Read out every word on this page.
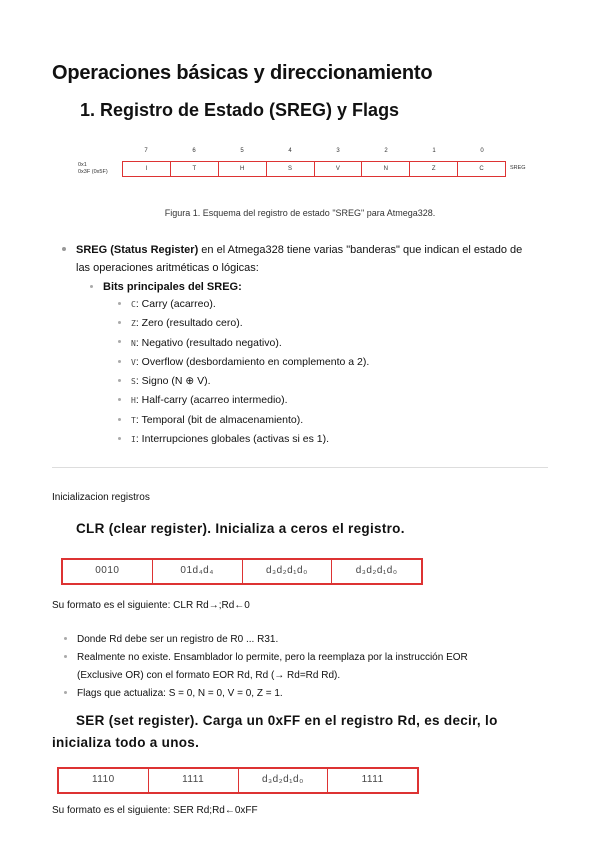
Operaciones básicas y direccionamiento
1. Registro de Estado (SREG) y Flags
7	6	5	4	3	2	1	0
0x1
0x3F (0x5F)	I	T	H	S	V	N	Z	C	SREG
Figura 1. Esquema del registro de estado "SREG" para Atmega328.
SREG (Status Register) en el Atmega328 tiene varias "banderas" que indican el estado de
las operaciones aritméticas o lógicas:
Bits principales del SREG:
C: Carry (acarreo).
Z: Zero (resultado cero).
N: Negativo (resultado negativo).
V: Overflow (desbordamiento en complemento a 2).
S: Signo (N ⊕ V).
H: Half-carry (acarreo intermedio).
T: Temporal (bit de almacenamiento).
I: Interrupciones globales (activas si es 1).
Inicializacion registros
CLR (clear register). Inicializa a ceros el registro.
0010	01d₄d₄	d₃d₂d₁d₀	d₃d₂d₁d₀
Su formato es el siguiente: CLR Rd→;Rd←0
Donde Rd debe ser un registro de R0 ... R31.
Realmente no existe. Ensamblador lo permite, pero la reemplaza por la instrucción EOR
(Exclusive OR) con el formato EOR Rd, Rd (→ Rd=Rd Rd).
Flags que actualiza: S = 0, N = 0, V = 0, Z = 1.
SER (set register). Carga un 0xFF en el registro Rd, es decir, lo
inicializa todo a unos.
1110	1111	d₃d₂d₁d₀	1111
Su formato es el siguiente: SER Rd;Rd←0xFF
